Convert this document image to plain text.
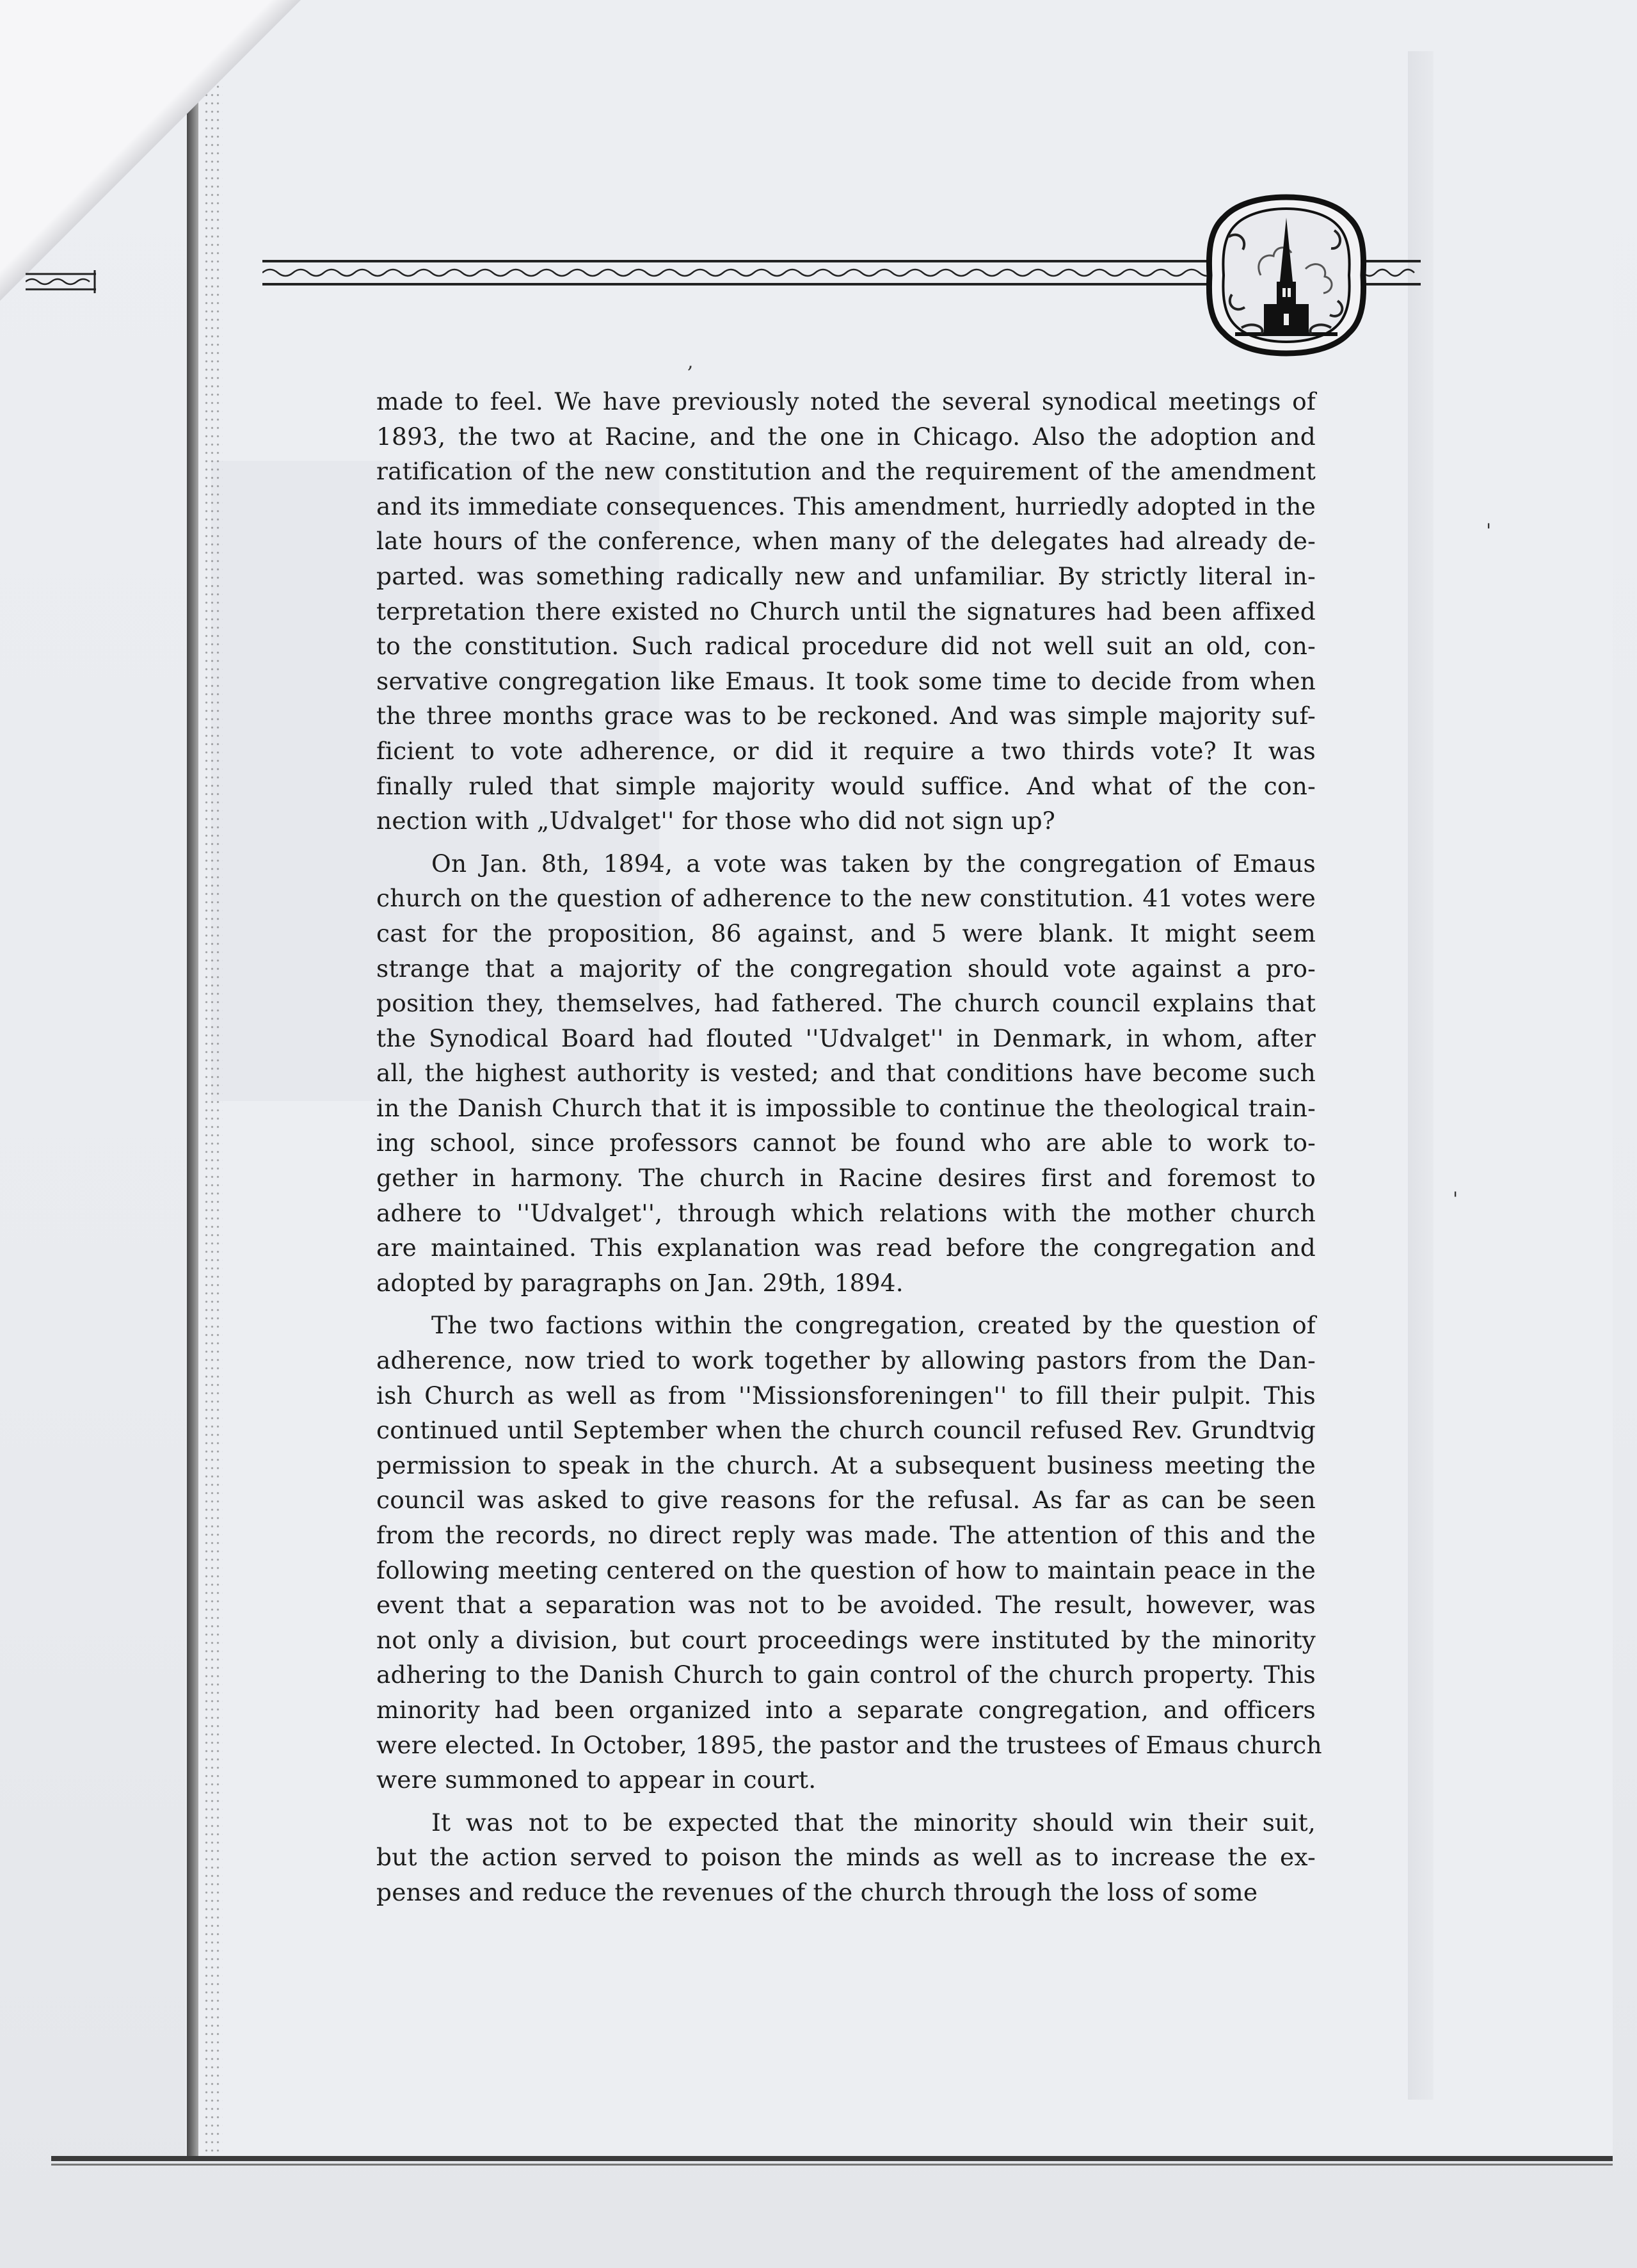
,
'
'

made to feel. We have previously noted the several synodical meetings of
1893, the two at Racine, and the one in Chicago. Also the adoption and
ratification of the new constitution and the requirement of the amendment
and its immediate consequences. This amendment, hurriedly adopted in the
late hours of the conference, when many of the delegates had already de-
parted. was something radically new and unfamiliar. By strictly literal in-
terpretation there existed no Church until the signatures had been affixed
to the constitution. Such radical procedure did not well suit an old, con-
servative congregation like Emaus. It took some time to decide from when
the three months grace was to be reckoned. And was simple majority suf-
ficient to vote adherence, or did it require a two thirds vote? It was
finally ruled that simple majority would suffice. And what of the con-
nection with „Udvalget'' for those who did not sign up?

On Jan. 8th, 1894, a vote was taken by the congregation of Emaus
church on the question of adherence to the new constitution. 41 votes were
cast for the proposition, 86 against, and 5 were blank. It might seem
strange that a majority of the congregation should vote against a pro-
position they, themselves, had fathered. The church council explains that
the Synodical Board had flouted ''Udvalget'' in Denmark, in whom, after
all, the highest authority is vested; and that conditions have become such
in the Danish Church that it is impossible to continue the theological train-
ing school, since professors cannot be found who are able to work to-
gether in harmony. The church in Racine desires first and foremost to
adhere to ''Udvalget'', through which relations with the mother church
are maintained. This explanation was read before the congregation and
adopted by paragraphs on Jan. 29th, 1894.

The two factions within the congregation, created by the question of
adherence, now tried to work together by allowing pastors from the Dan-
ish Church as well as from ''Missionsforeningen'' to fill their pulpit. This
continued until September when the church council refused Rev. Grundtvig
permission to speak in the church. At a subsequent business meeting the
council was asked to give reasons for the refusal. As far as can be seen
from the records, no direct reply was made. The attention of this and the
following meeting centered on the question of how to maintain peace in the
event that a separation was not to be avoided. The result, however, was
not only a division, but court proceedings were instituted by the minority
adhering to the Danish Church to gain control of the church property. This
minority had been organized into a separate congregation, and officers
were elected. In October, 1895, the pastor and the trustees of Emaus church
were summoned to appear in court.

It was not to be expected that the minority should win their suit,
but the action served to poison the minds as well as to increase the ex-
penses and reduce the revenues of the church through the loss of some
